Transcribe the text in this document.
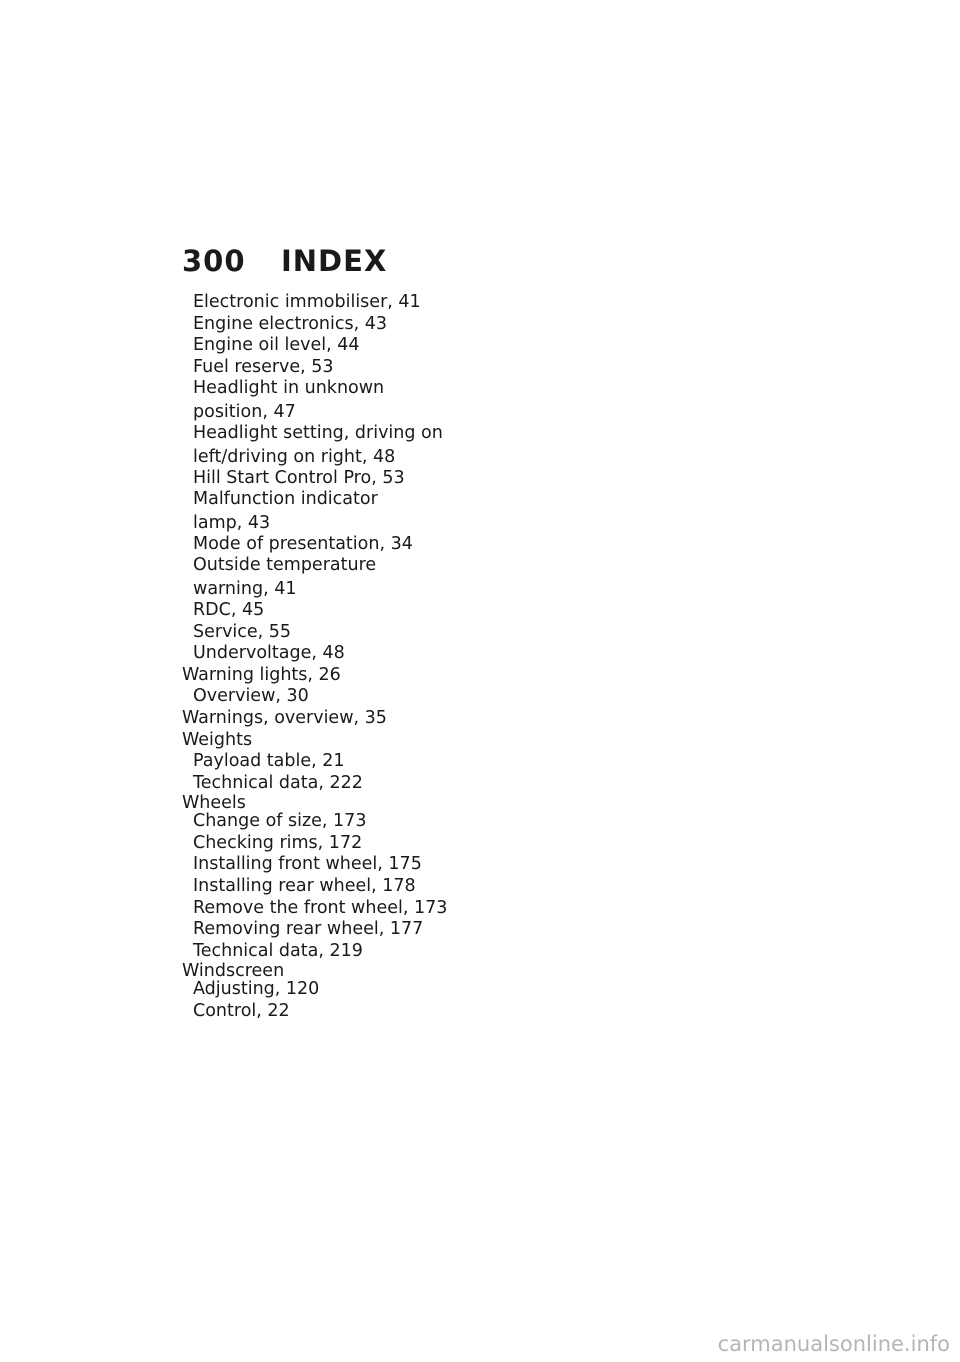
300 INDEX
Electronic immobiliser, 41
Engine electronics, 43
Engine oil level, 44
Fuel reserve, 53
Headlight in unknown
position, 47
Headlight setting, driving on
left/driving on right, 48
Hill Start Control Pro, 53
Malfunction indicator
lamp, 43
Mode of presentation, 34
Outside temperature
warning, 41
RDC, 45
Service, 55
Undervoltage, 48
Warning lights, 26
Overview, 30
Warnings, overview, 35
Weights
Payload table, 21
Technical data, 222
Wheels
Change of size, 173
Checking rims, 172
Installing front wheel, 175
Installing rear wheel, 178
Remove the front wheel, 173
Removing rear wheel, 177
Technical data, 219
Windscreen
Adjusting, 120
Control, 22
carmanualsonline.info
